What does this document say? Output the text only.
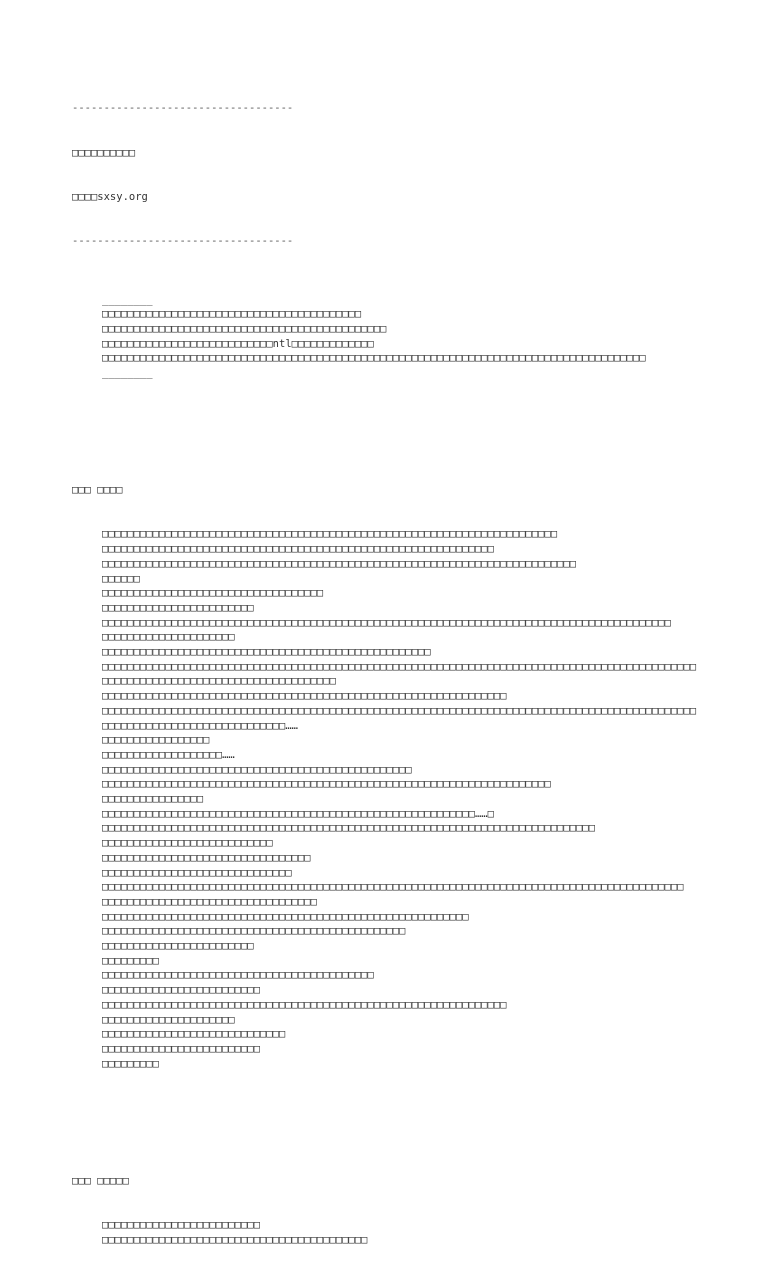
-----------------------------------

□□□□□□□□□□

□□□□sxsy.org

-----------------------------------

________
□□□□□□□□□□□□□□□□□□□□□□□□□□□□□□□□□□□□□□□□□
□□□□□□□□□□□□□□□□□□□□□□□□□□□□□□□□□□□□□□□□□□□□□
□□□□□□□□□□□□□□□□□□□□□□□□□□□ntl□□□□□□□□□□□□□
□□□□□□□□□□□□□□□□□□□□□□□□□□□□□□□□□□□□□□□□□□□□□□□□□□□□□□□□□□□□□□□□□□□□□□□□□□□□□□□□□□□□□□
________

□□□ □□□□

□□□□□□□□□□□□□□□□□□□□□□□□□□□□□□□□□□□□□□□□□□□□□□□□□□□□□□□□□□□□□□□□□□□□□□□□
□□□□□□□□□□□□□□□□□□□□□□□□□□□□□□□□□□□□□□□□□□□□□□□□□□□□□□□□□□□□□□
□□□□□□□□□□□□□□□□□□□□□□□□□□□□□□□□□□□□□□□□□□□□□□□□□□□□□□□□□□□□□□□□□□□□□□□□□□□
□□□□□□
□□□□□□□□□□□□□□□□□□□□□□□□□□□□□□□□□□□
□□□□□□□□□□□□□□□□□□□□□□□□
□□□□□□□□□□□□□□□□□□□□□□□□□□□□□□□□□□□□□□□□□□□□□□□□□□□□□□□□□□□□□□□□□□□□□□□□□□□□□□□□□□□□□□□□□□
□□□□□□□□□□□□□□□□□□□□□
□□□□□□□□□□□□□□□□□□□□□□□□□□□□□□□□□□□□□□□□□□□□□□□□□□□□
□□□□□□□□□□□□□□□□□□□□□□□□□□□□□□□□□□□□□□□□□□□□□□□□□□□□□□□□□□□□□□□□□□□□□□□□□□□□□□□□□□□□□□□□□□□□□□
□□□□□□□□□□□□□□□□□□□□□□□□□□□□□□□□□□□□□
□□□□□□□□□□□□□□□□□□□□□□□□□□□□□□□□□□□□□□□□□□□□□□□□□□□□□□□□□□□□□□□□
□□□□□□□□□□□□□□□□□□□□□□□□□□□□□□□□□□□□□□□□□□□□□□□□□□□□□□□□□□□□□□□□□□□□□□□□□□□□□□□□□□□□□□□□□□□□□□□□□□□□□□□□□□□□□□□□□□□□□□□□□□□……
□□□□□□□□□□□□□□□□□
□□□□□□□□□□□□□□□□□□□……
□□□□□□□□□□□□□□□□□□□□□□□□□□□□□□□□□□□□□□□□□□□□□□□□□
□□□□□□□□□□□□□□□□□□□□□□□□□□□□□□□□□□□□□□□□□□□□□□□□□□□□□□□□□□□□□□□□□□□□□□□
□□□□□□□□□□□□□□□□
□□□□□□□□□□□□□□□□□□□□□□□□□□□□□□□□□□□□□□□□□□□□□□□□□□□□□□□□□□□……□
□□□□□□□□□□□□□□□□□□□□□□□□□□□□□□□□□□□□□□□□□□□□□□□□□□□□□□□□□□□□□□□□□□□□□□□□□□□□□□
□□□□□□□□□□□□□□□□□□□□□□□□□□□
□□□□□□□□□□□□□□□□□□□□□□□□□□□□□□□□□
□□□□□□□□□□□□□□□□□□□□□□□□□□□□□□
□□□□□□□□□□□□□□□□□□□□□□□□□□□□□□□□□□□□□□□□□□□□□□□□□□□□□□□□□□□□□□□□□□□□□□□□□□□□□□□□□□□□□□□□□□□□
□□□□□□□□□□□□□□□□□□□□□□□□□□□□□□□□□□
□□□□□□□□□□□□□□□□□□□□□□□□□□□□□□□□□□□□□□□□□□□□□□□□□□□□□□□□□□
□□□□□□□□□□□□□□□□□□□□□□□□□□□□□□□□□□□□□□□□□□□□□□□□
□□□□□□□□□□□□□□□□□□□□□□□□
□□□□□□□□□
□□□□□□□□□□□□□□□□□□□□□□□□□□□□□□□□□□□□□□□□□□□
□□□□□□□□□□□□□□□□□□□□□□□□□
□□□□□□□□□□□□□□□□□□□□□□□□□□□□□□□□□□□□□□□□□□□□□□□□□□□□□□□□□□□□□□□□
□□□□□□□□□□□□□□□□□□□□□
□□□□□□□□□□□□□□□□□□□□□□□□□□□□□
□□□□□□□□□□□□□□□□□□□□□□□□□
□□□□□□□□□

□□□ □□□□□

□□□□□□□□□□□□□□□□□□□□□□□□□
□□□□□□□□□□□□□□□□□□□□□□□□□□□□□□□□□□□□□□□□□□
